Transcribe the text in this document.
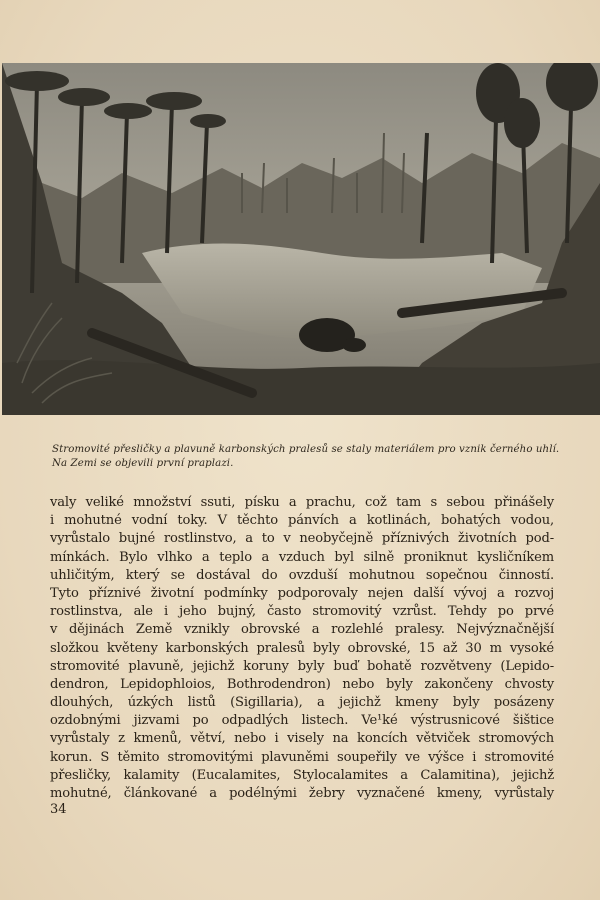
Stromovité přesličky a plavuně karbonských pralesů se staly materiálem pro vznik černého uhlí. Na Zemi se objevili první praplazi.

valy veliké množství ssuti, písku a prachu, což tam s sebou přinášely
i mohutné vodní toky. V těchto pánvích a kotlinách, bohatých vodou,
vyrůstalo bujné rostlinstvo, a to v neobyčejně příznivých životních pod-
mínkách. Bylo vlhko a teplo a vzduch byl silně proniknut kysličníkem
uhličitým, který se dostával do ovzduší mohutnou sopečnou činností.
Tyto příznivé životní podmínky podporovaly nejen další vývoj a rozvoj
rostlinstva, ale i jeho bujný, často stromovitý vzrůst. Tehdy po prvé
v dějinách Země vznikly obrovské a rozlehlé pralesy. Nejvýznačnější
složkou květeny karbonských pralesů byly obrovské, 15 až 30 m vysoké
stromovité plavuně, jejichž koruny byly buď bohatě rozvětveny (Lepido-
dendron, Lepidophloios, Bothrodendron) nebo byly zakončeny chvosty
dlouhých, úzkých listů (Sigillaria), a jejichž kmeny byly posázeny
ozdobnými jizvami po odpadlých listech. Ve¹ké výstrusnicové šištice
vyrůstaly z kmenů, větví, nebo i visely na koncích větviček stromových
korun. S těmito stromovitými plavuněmi soupeřily ve výšce i stromovité
přesličky, kalamity (Eucalamites, Stylocalamites a Calamitina), jejichž
mohutné, článkované a podélnými žebry vyznačené kmeny, vyrůstaly
34
